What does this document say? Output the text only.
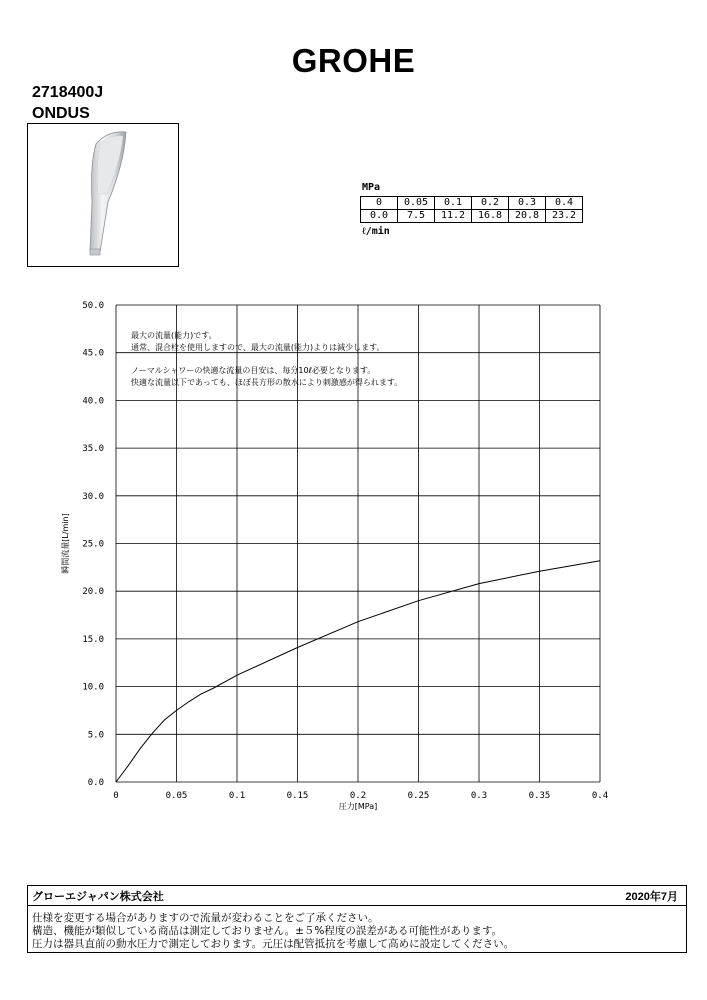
GROHE
2718400J
ONDUS
MPa
0	0.05	0.1	0.2	0.3	0.4
0.0	7.5	11.2	16.8	20.8	23.2
ℓ/min
0	0.05	0.1	0.15	0.2	0.25	0.3	0.35	0.4
0.0
5.0
10.0
15.0
20.0
25.0
30.0
35.0
40.0
45.0
50.0
圧力[MPa]
瞬間流量[L/min]
最大の流量(能力)です。
通常、混合栓を使用しますので、最大の流量(能力)よりは減少します。
ノーマルシャワーの快適な流量の目安は、毎分10ℓ必要となります。
快適な流量以下であっても、ほぼ長方形の散水により刺激感が得られます。
グローエジャパン株式会社	2020年7月
仕様を変更する場合がありますので流量が変わることをご了承ください。
構造、機能が類似している商品は測定しておりません。±５%程度の誤差がある可能性があります。
圧力は器具直前の動水圧力で測定しております。元圧は配管抵抗を考慮して高めに設定してください。
